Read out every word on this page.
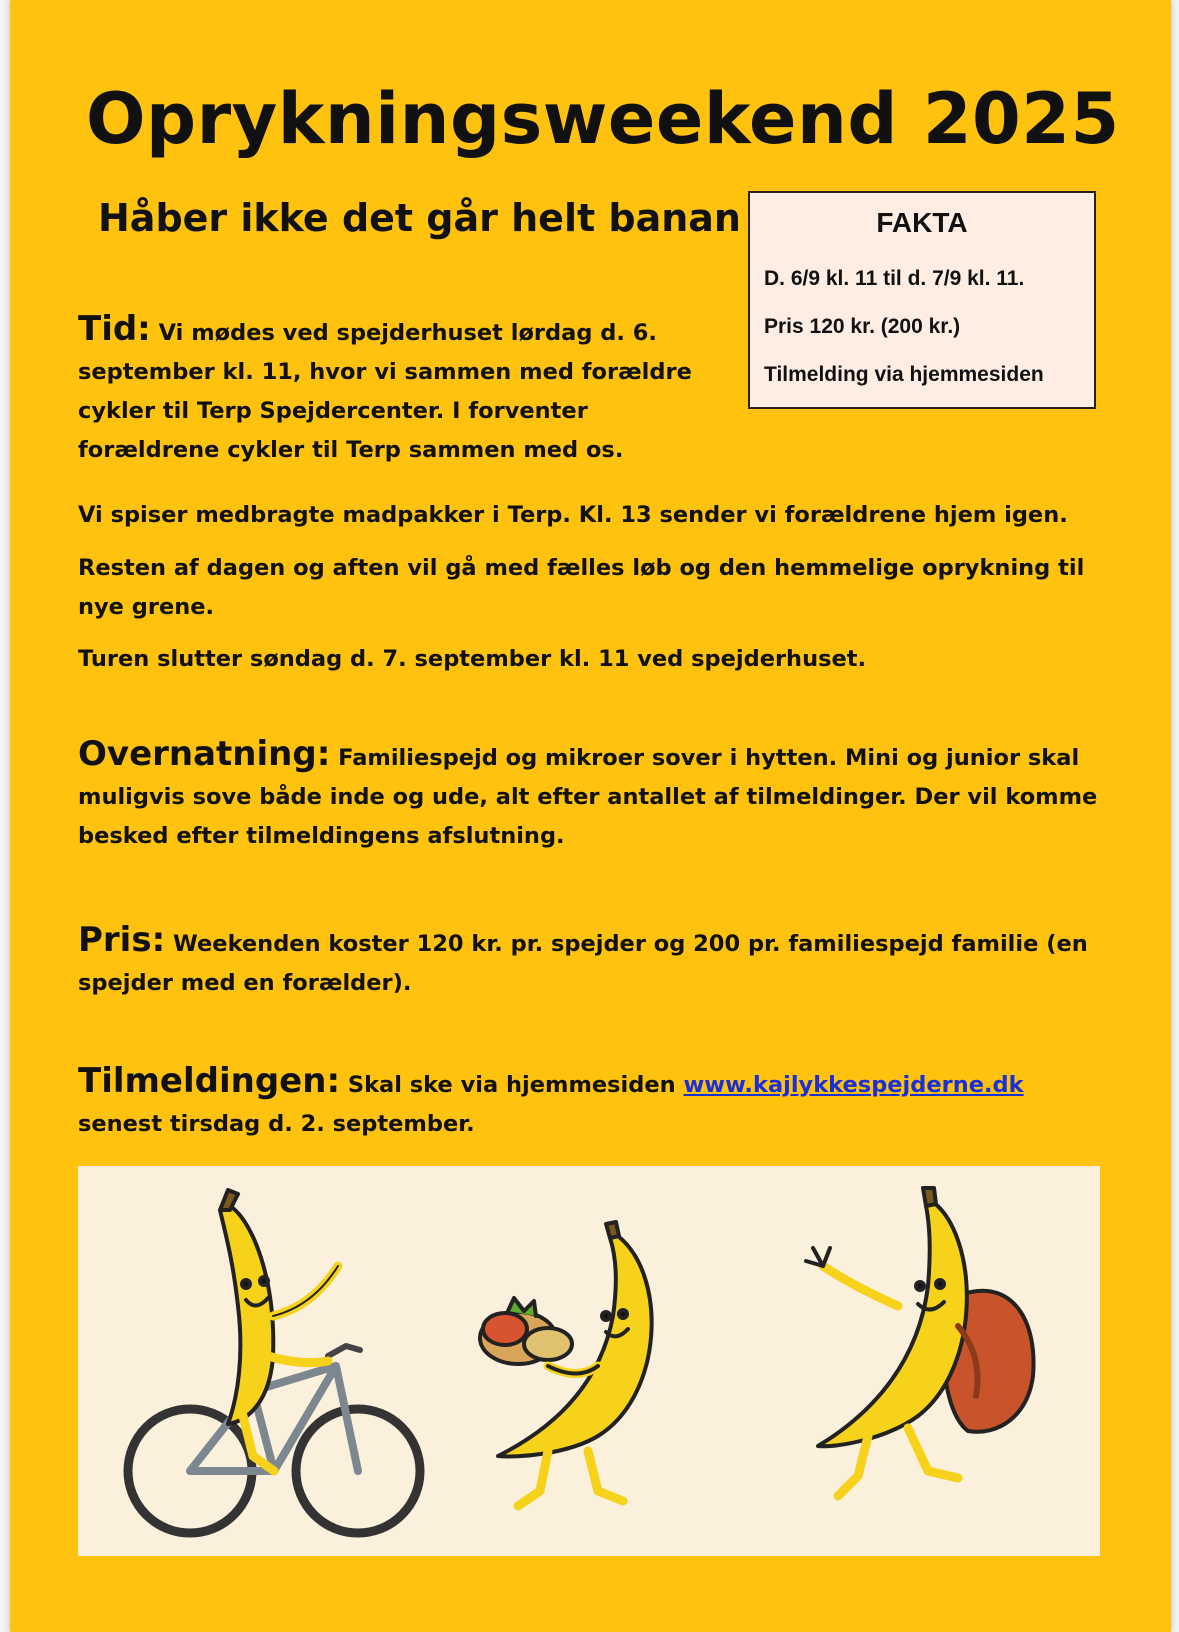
Oprykningsweekend 2025
Håber ikke det går helt banan	FAKTA
D. 6/9 kl. 11 til d. 7/9 kl. 11.
Pris 120 kr. (200 kr.)
Tilmelding via hjemmesiden
Tid: Vi mødes ved spejderhuset lørdag d. 6. september kl. 11, hvor vi sammen med forældre cykler til Terp Spejdercenter. I forventer forældrene cykler til Terp sammen med os.
Vi spiser medbragte madpakker i Terp. Kl. 13 sender vi forældrene hjem igen.
Resten af dagen og aften vil gå med fælles løb og den hemmelige oprykning til nye grene.
Turen slutter søndag d. 7. september kl. 11 ved spejderhuset.
Overnatning: Familiespejd og mikroer sover i hytten. Mini og junior skal muligvis sove både inde og ude, alt efter antallet af tilmeldinger. Der vil komme besked efter tilmeldingens afslutning.
Pris: Weekenden koster 120 kr. pr. spejder og 200 pr. familiespejd familie (en spejder med en forælder).
Tilmeldingen: Skal ske via hjemmesiden www.kajlykkespejderne.dk
senest tirsdag d. 2. september.
